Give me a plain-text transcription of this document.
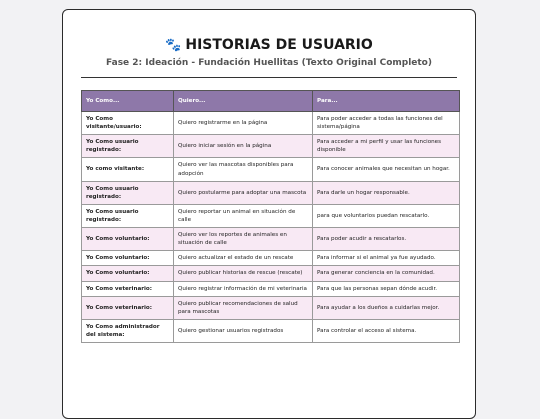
🐾 HISTORIAS DE USUARIO
Fase 2: Ideación - Fundación Huellitas (Texto Original Completo)
Yo Como...	Quiero...	Para...
Yo Como visitante/usuario:	Quiero registrarme en la página	Para poder acceder a todas las funciones del sistema/página
Yo Como usuario registrado:	Quiero iniciar sesión en la página	Para acceder a mi perfil y usar las funciones disponible
Yo como visitante:	Quiero ver las mascotas disponibles para adopción	Para conocer animales que necesitan un hogar.
Yo Como usuario registrado:	Quiero postularme para adoptar una mascota	Para darle un hogar responsable.
Yo Como usuario registrado:	Quiero reportar un animal en situación de calle	para que voluntarios puedan rescatarlo.
Yo Como voluntario:	Quiero ver los reportes de animales en situación de calle	Para poder acudir a rescatarlos.
Yo Como voluntario:	Quiero actualizar el estado de un rescate	Para informar si el animal ya fue ayudado.
Yo Como voluntario:	Quiero publicar historias de rescue (rescate)	Para generar conciencia en la comunidad.
Yo Como veterinario:	Quiero registrar información de mi veterinaria	Para que las personas sepan dónde acudir.
Yo Como veterinario:	Quiero publicar recomendaciones de salud para mascotas	Para ayudar a los dueños a cuidarlas mejor.
Yo Como administrador del sistema:	Quiero gestionar usuarios registrados	Para controlar el acceso al sistema.
